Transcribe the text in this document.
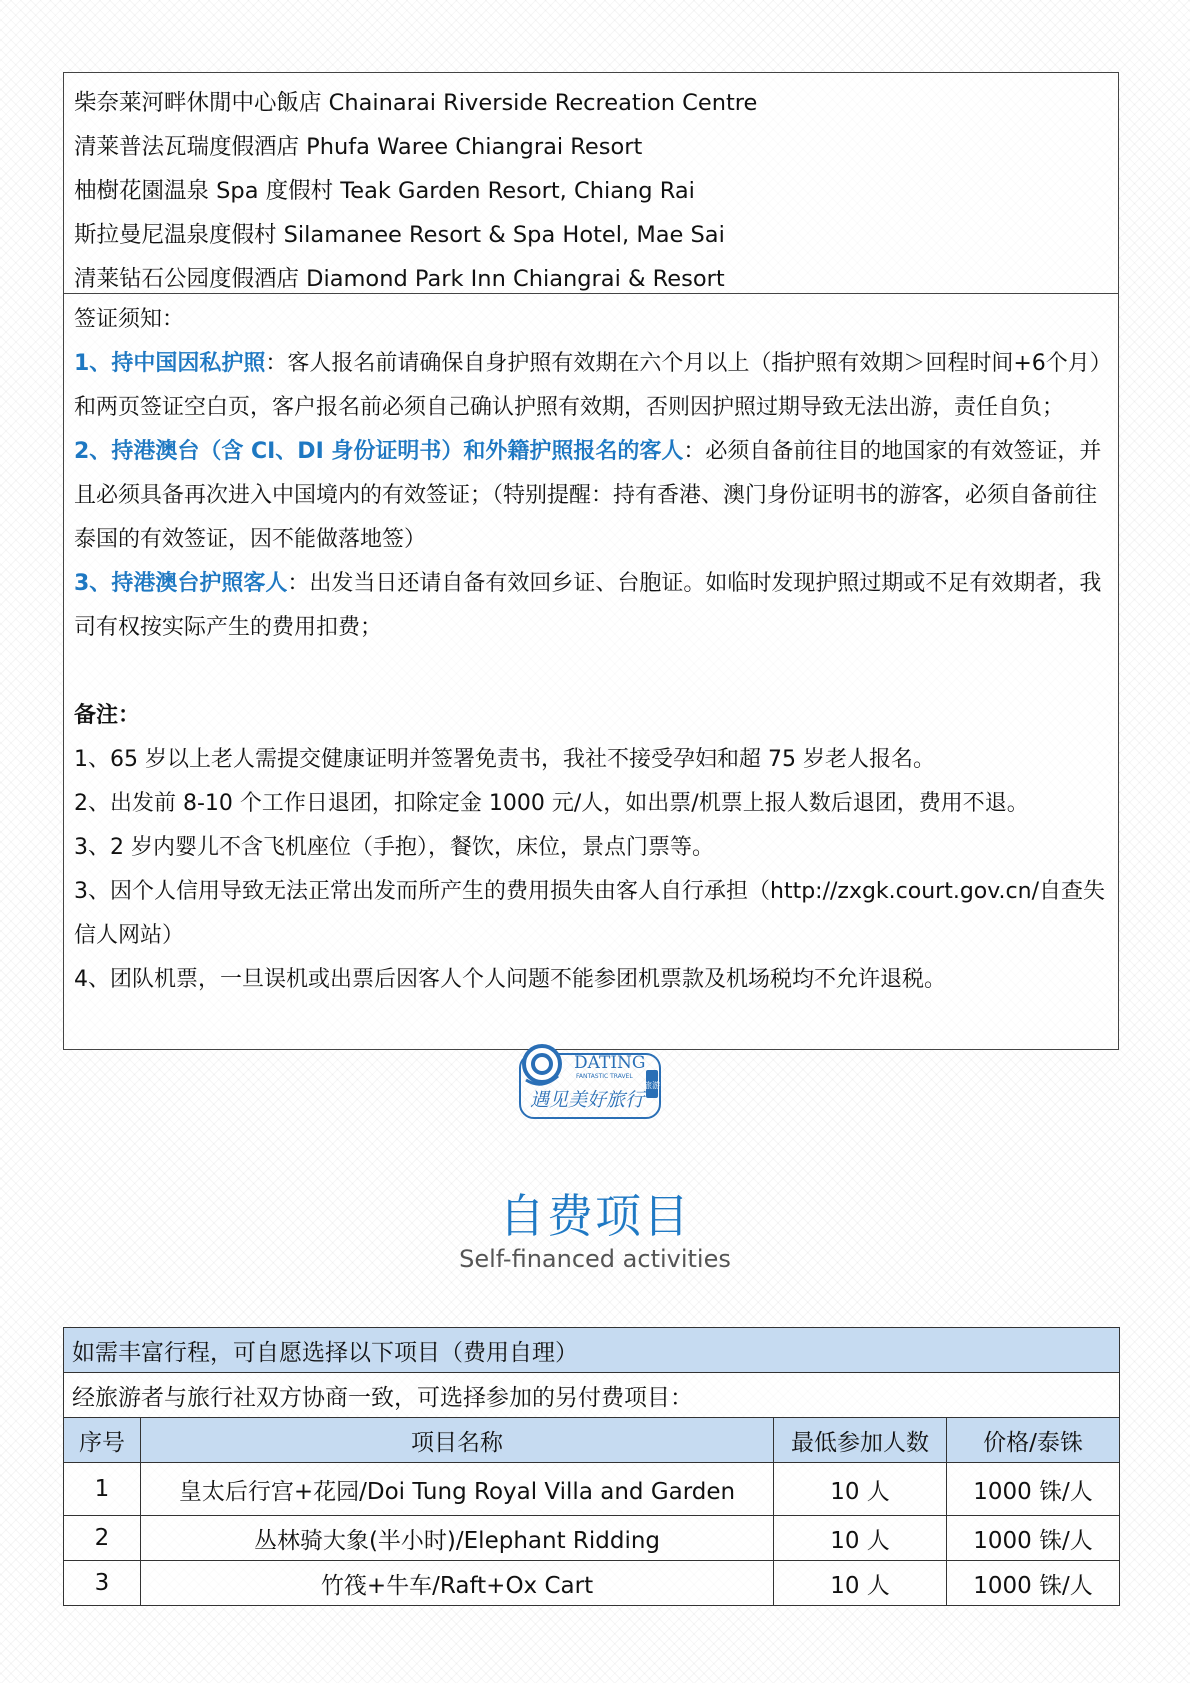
柴奈莱河畔休閒中心飯店 Chainarai Riverside Recreation Centre
清莱普法瓦瑞度假酒店 Phufa Waree Chiangrai Resort
柚樹花園温泉 Spa 度假村 Teak Garden Resort, Chiang Rai
斯拉曼尼温泉度假村 Silamanee Resort & Spa Hotel, Mae Sai
清莱钻石公园度假酒店 Diamond Park Inn Chiangrai & Resort
签证须知：
1、持中国因私护照：客人报名前请确保自身护照有效期在六个月以上（指护照有效期＞回程时间+6个月）和两页签证空白页，客户报名前必须自己确认护照有效期，否则因护照过期导致无法出游，责任自负；
2、持港澳台（含 CI、DI 身份证明书）和外籍护照报名的客人：必须自备前往目的地国家的有效签证，并且必须具备再次进入中国境内的有效签证；（特别提醒：持有香港、澳门身份证明书的游客，必须自备前往泰国的有效签证，因不能做落地签）
3、持港澳台护照客人：出发当日还请自备有效回乡证、台胞证。如临时发现护照过期或不足有效期者，我司有权按实际产生的费用扣费；
备注：
1、65 岁以上老人需提交健康证明并签署免责书，我社不接受孕妇和超 75 岁老人报名。
2、出发前 8-10 个工作日退团，扣除定金 1000 元/人，如出票/机票上报人数后退团，费用不退。
3、2 岁内婴儿不含飞机座位（手抱），餐饮，床位，景点门票等。
3、因个人信用导致无法正常出发而所产生的费用损失由客人自行承担（http://zxgk.court.gov.cn/自查失信人网站）
4、团队机票，一旦误机或出票后因客人个人问题不能参团机票款及机场税均不允许退税。
旅游
DATING
FANTASTIC TRAVEL
遇见美好旅行
自费项目
Self-financed activities
如需丰富行程，可自愿选择以下项目（费用自理）			
经旅游者与旅行社双方协商一致，可选择参加的另付费项目：			
序号	项目名称	最低参加人数	价格/泰铢
1	皇太后行宫+花园/Doi Tung Royal Villa and Garden	10 人	1000 铢/人
2	丛林骑大象(半小时)/Elephant Ridding	10 人	1000 铢/人
3	竹筏+牛车/Raft+Ox Cart	10 人	1000 铢/人
